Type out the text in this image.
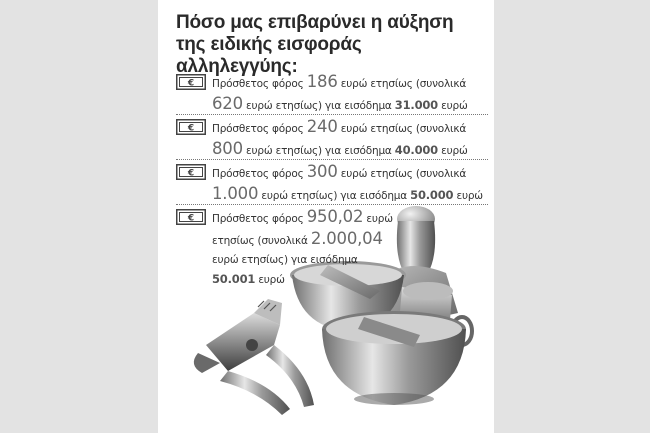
Πόσο μας επιβαρύνει η αύξηση
της ειδικής εισφοράς αλληλεγγύης:
€ Πρόσθετος φόρος 186 ευρώ ετησίως (συνολικά 620 ευρώ ετησίως) για εισόδημα 31.000 ευρώ
€ Πρόσθετος φόρος 240 ευρώ ετησίως (συνολικά 800 ευρώ ετησίως) για εισόδημα 40.000 ευρώ
€ Πρόσθετος φόρος 300 ευρώ ετησίως (συνολικά 1.000 ευρώ ετησίως) για εισόδημα 50.000 ευρώ
€ Πρόσθετος φόρος 950,02 ευρώ ετησίως (συνολικά 2.000,04 ευρώ ετησίως) για εισόδημα 50.001 ευρώ
